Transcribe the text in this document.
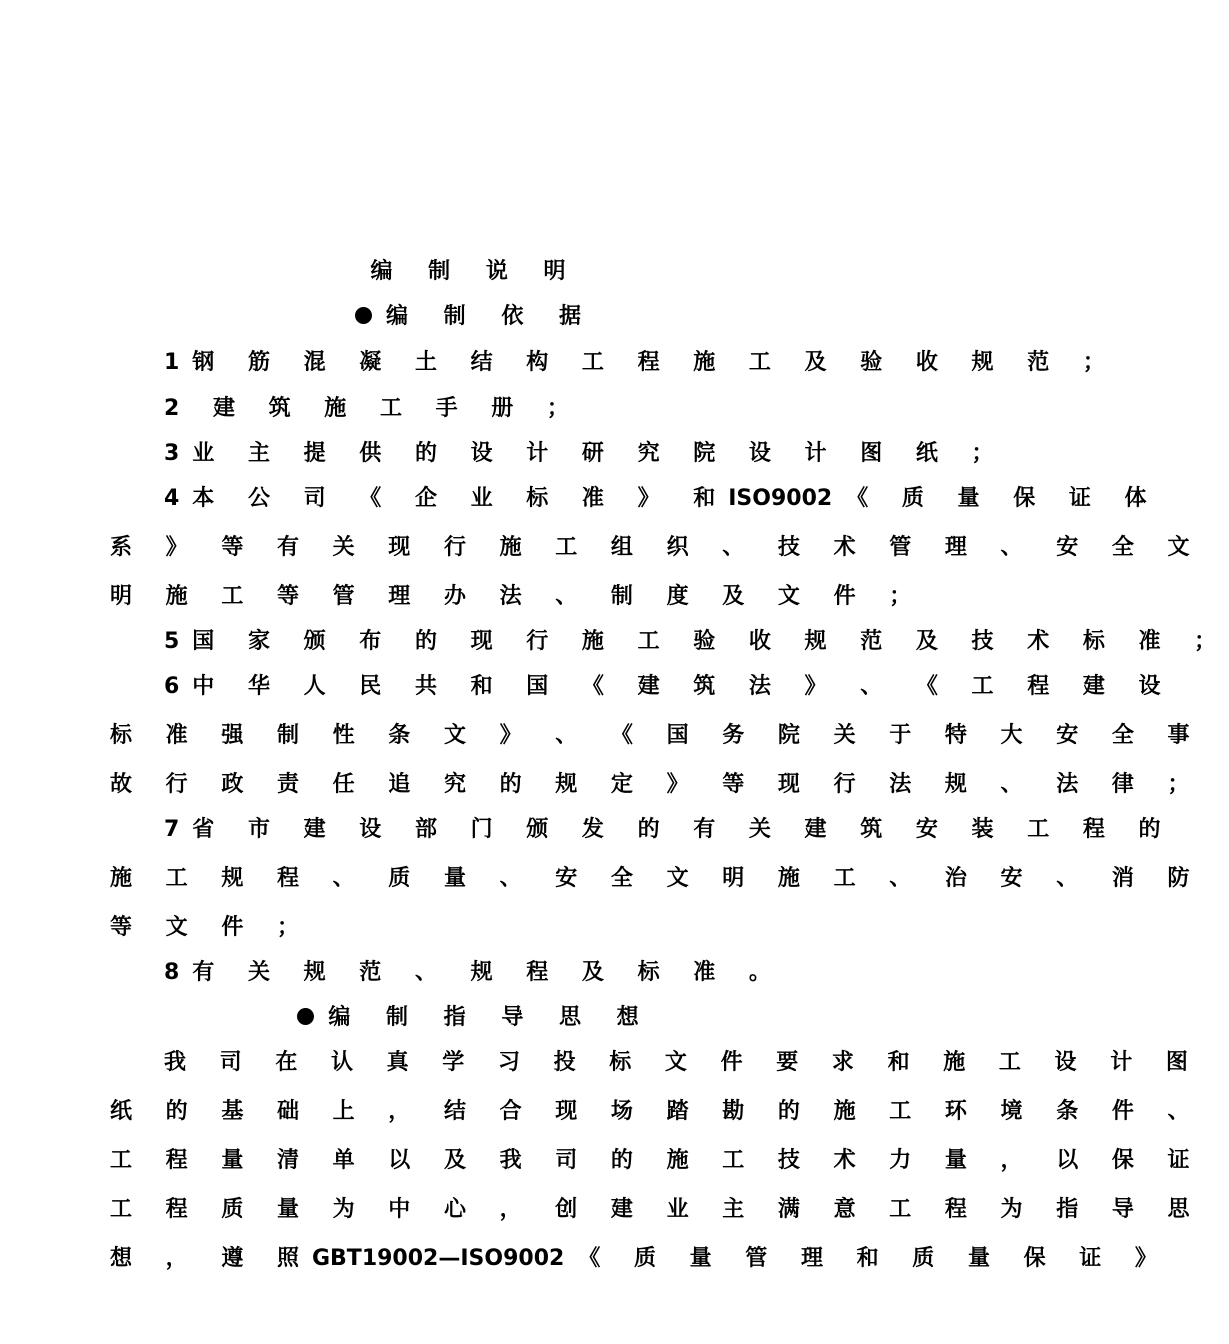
编 制 说 明
编 制 依 据
1钢 筋 混 凝 土 结 构 工 程 施 工 及 验 收 规 范 ；
2 建 筑 施 工 手 册 ；
3业 主 提 供 的 设 计 研 究 院 设 计 图 纸 ；
4本 公 司 《 企 业 标 准 》 和ISO9002 《 质 量 保 证 体
系 》 等 有 关 现 行 施 工 组 织 、 技 术 管 理 、 安 全 文
明 施 工 等 管 理 办 法 、 制 度 及 文 件 ；
5国 家 颁 布 的 现 行 施 工 验 收 规 范 及 技 术 标 准 ；
6中 华 人 民 共 和 国 《 建 筑 法 》 、 《 工 程 建 设
标 准 强 制 性 条 文 》 、 《 国 务 院 关 于 特 大 安 全 事
故 行 政 责 任 追 究 的 规 定 》 等 现 行 法 规 、 法 律 ；
7省 市 建 设 部 门 颁 发 的 有 关 建 筑 安 装 工 程 的
施 工 规 程 、 质 量 、 安 全 文 明 施 工 、 治 安 、 消 防
等 文 件 ；
8有 关 规 范 、 规 程 及 标 准 。
编 制 指 导 思 想
我 司 在 认 真 学 习 投 标 文 件 要 求 和 施 工 设 计 图
纸 的 基 础 上 ， 结 合 现 场 踏 勘 的 施 工 环 境 条 件 、
工 程 量 清 单 以 及 我 司 的 施 工 技 术 力 量 ， 以 保 证
工 程 质 量 为 中 心 ， 创 建 业 主 满 意 工 程 为 指 导 思
想 ， 遵 照GBT19002—ISO9002 《 质 量 管 理 和 质 量 保 证 》
